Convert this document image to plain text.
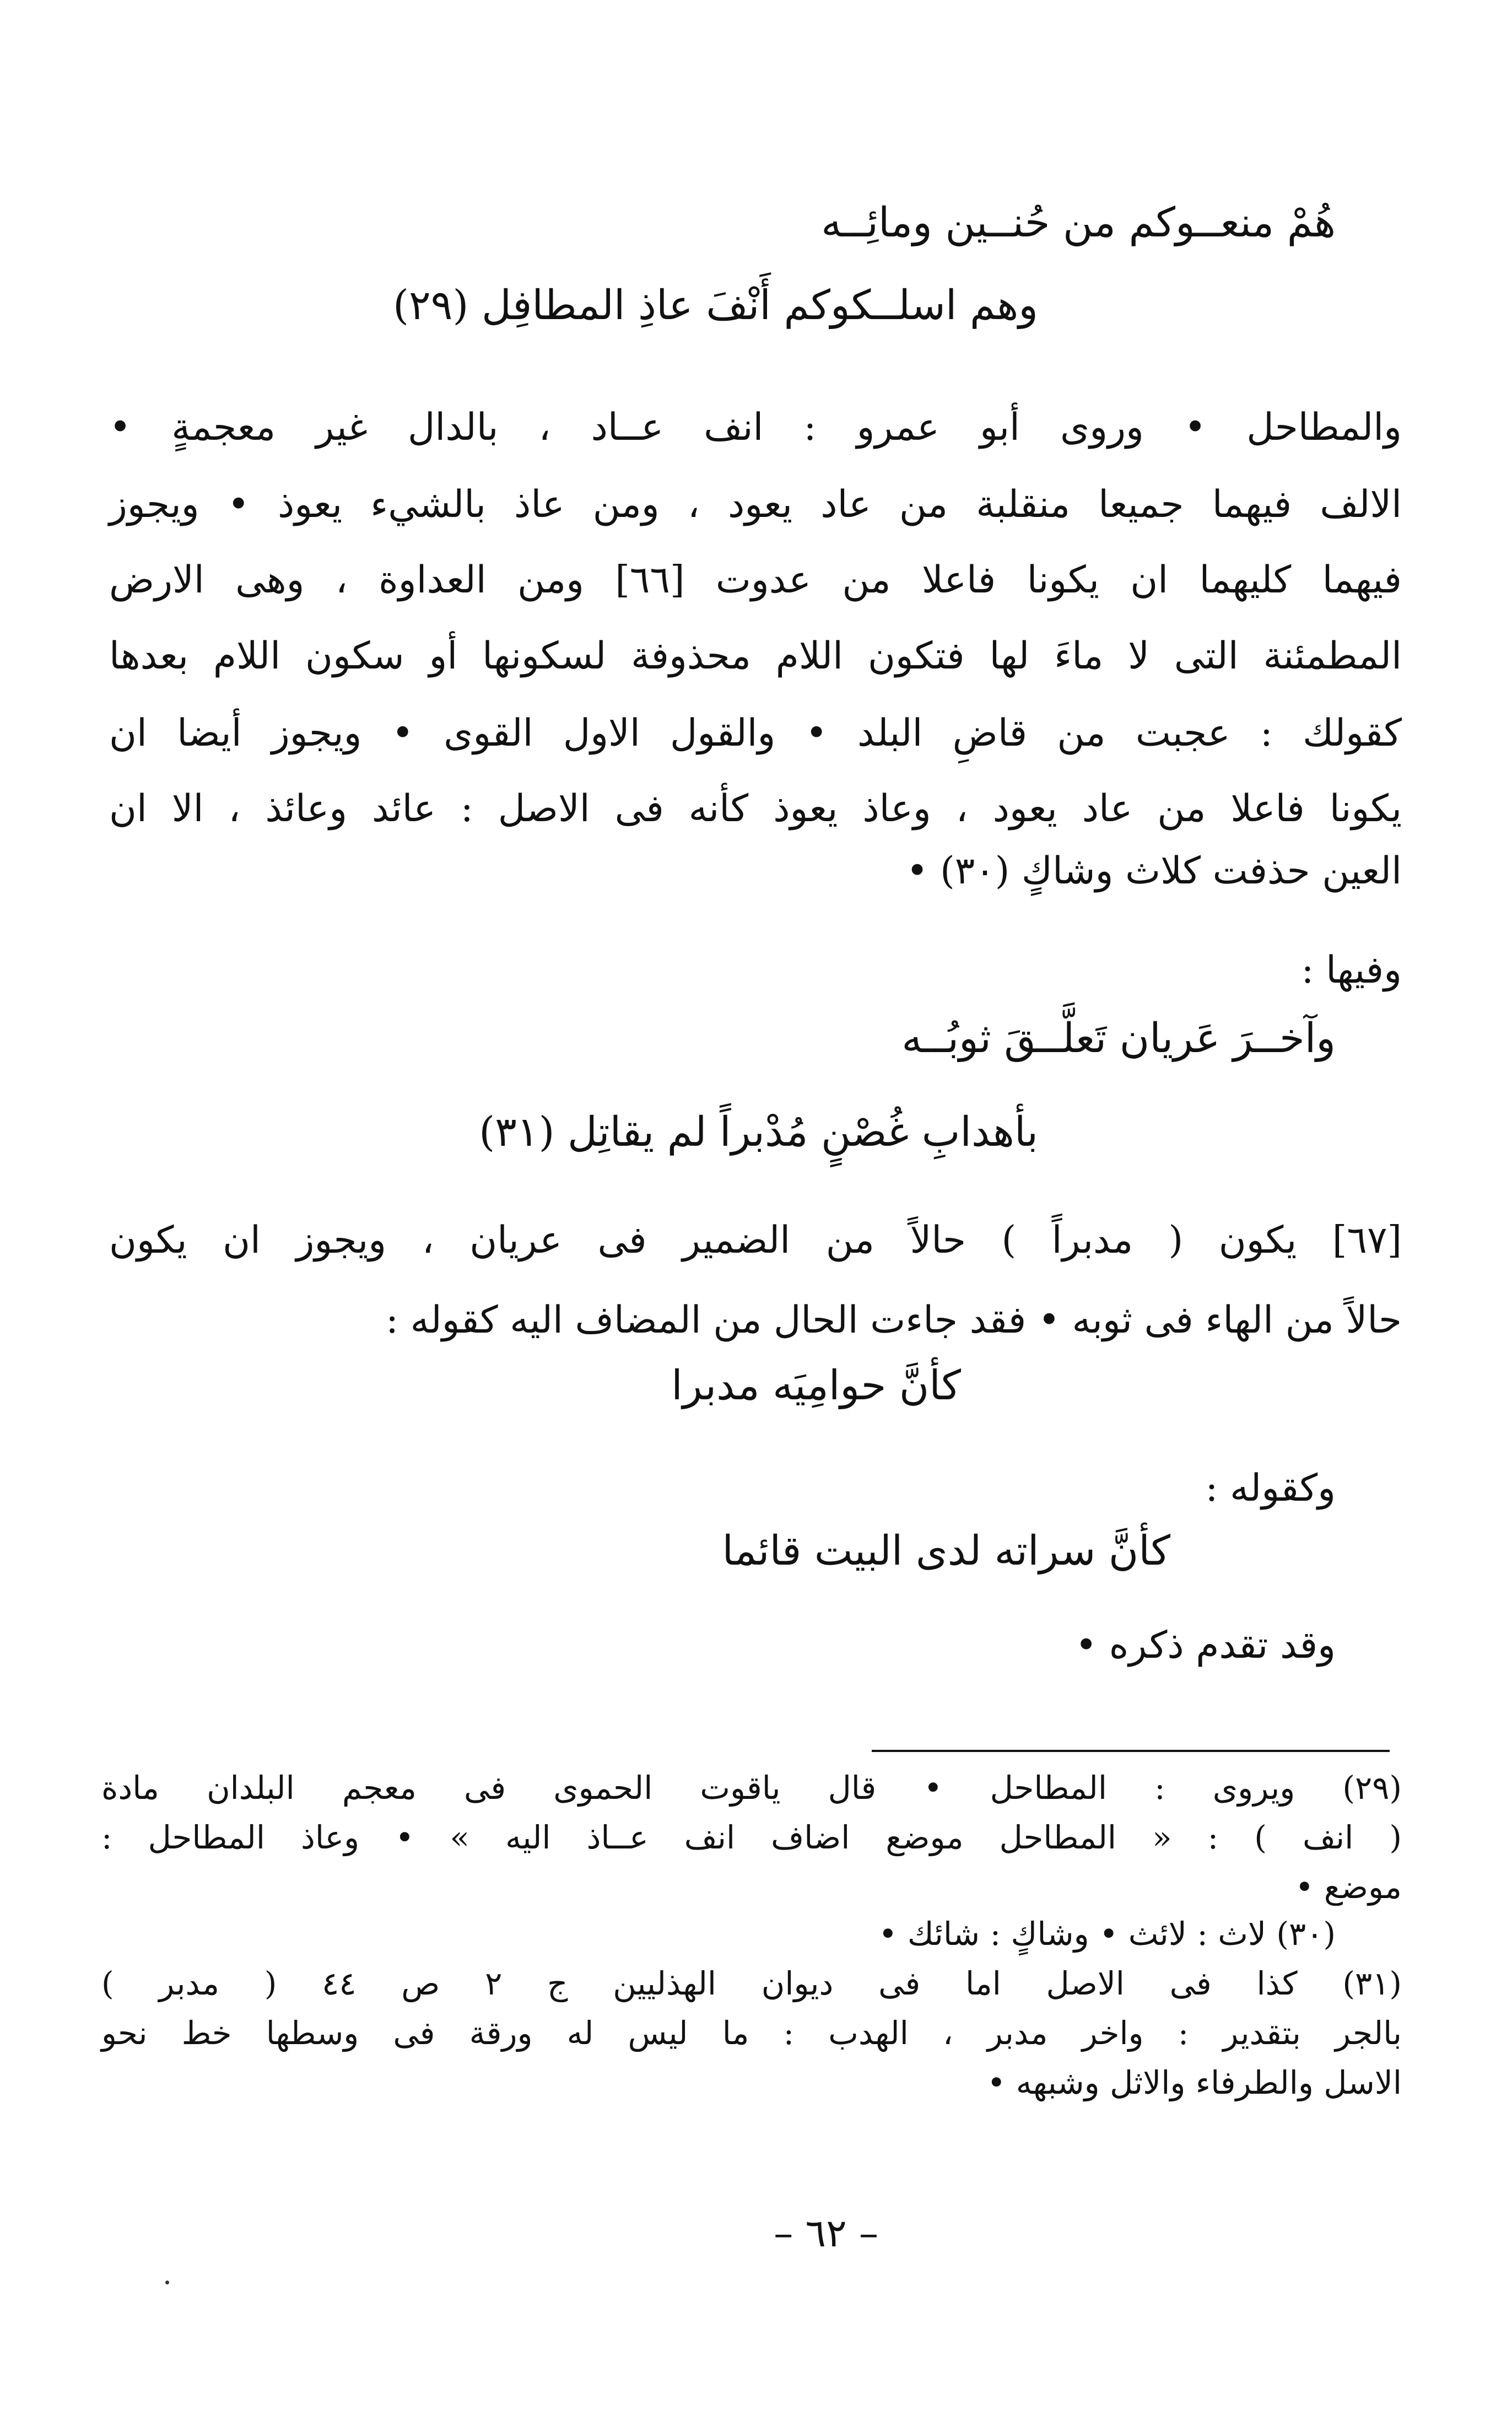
هُمْ منعــوكم من حُنــين ومائِــه
وهم اسلــكوكم أَنْفَ عاذِ المطافِل (٢٩)
والمطاحل • وروى أبو عمرو : انف عــاد ، بالدال غير معجمةٍ •
الالف فيهما جميعا منقلبة من عاد يعود ، ومن عاذ بالشيء يعوذ • ويجوز
فيهما كليهما ان يكونا فاعلا من عدوت [٦٦] ومن العداوة ، وهى الارض
المطمئنة التى لا ماءَ لها فتكون اللام محذوفة لسكونها أو سكون اللام بعدها
كقولك : عجبت من قاضِ البلد • والقول الاول القوى • ويجوز أيضا ان
يكونا فاعلا من عاد يعود ، وعاذ يعوذ كأنه فى الاصل : عائد وعائذ ، الا ان
العين حذفت كلاث وشاكٍ (٣٠) •
وفيها :
وآخــرَ عَريان تَعلَّــقَ ثوبُــه
بأهدابِ غُصْنٍ مُدْبراً لم يقاتِل (٣١)
[٦٧] يكون ( مدبراً ) حالاً من الضمير فى عريان ، ويجوز ان يكون
حالاً من الهاء فى ثوبه • فقد جاءت الحال من المضاف اليه كقوله :
كأنَّ حوامِيَه مدبرا
وكقوله :
كأنَّ سراته لدى البيت قائما
وقد تقدم ذكره •
(٢٩) ويروى : المطاحل • قال ياقوت الحموى فى معجم البلدان مادة
( انف ) : « المطاحل موضع اضاف انف عــاذ اليه » • وعاذ المطاحل :
موضع •
(٣٠) لاث : لائث • وشاكٍ : شائك •
(٣١) كذا فى الاصل اما فى ديوان الهذليين ج ٢ ص ٤٤ ( مدبر )
بالجر بتقدير : واخر مدبر ، الهدب : ما ليس له ورقة فى وسطها خط نحو
الاسل والطرفاء والاثل وشبهه •
– ٦٢ –
